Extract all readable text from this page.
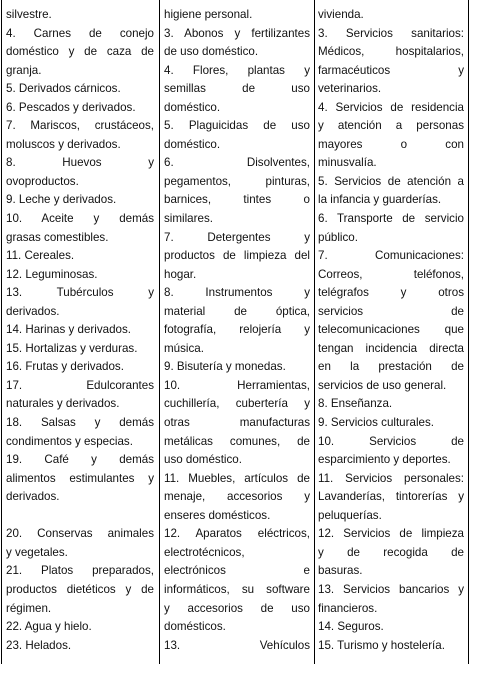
silvestre.
4. Carnes de conejo
doméstico y de caza de
granja.
5. Derivados cárnicos.
6. Pescados y derivados.
7. Mariscos, crustáceos,
moluscos y derivados.
8. Huevos y
ovoproductos.
9. Leche y derivados.
10. Aceite y demás
grasas comestibles.
11. Cereales.
12. Leguminosas.
13. Tubérculos y
derivados.
14. Harinas y derivados.
15. Hortalizas y verduras.
16. Frutas y derivados.
17. Edulcorantes
naturales y derivados.
18. Salsas y demás
condimentos y especias.
19. Café y demás
alimentos estimulantes y
derivados.
20. Conservas animales
y vegetales.
21. Platos preparados,
productos dietéticos y de
régimen.
22. Agua y hielo.
23. Helados.
higiene personal.
3. Abonos y fertilizantes
de uso doméstico.
4. Flores, plantas y
semillas de uso
doméstico.
5. Plaguicidas de uso
doméstico.
6. Disolventes,
pegamentos, pinturas,
barnices, tintes o
similares.
7. Detergentes y
productos de limpieza del
hogar.
8. Instrumentos y
material de óptica,
fotografía, relojería y
música.
9. Bisutería y monedas.
10. Herramientas,
cuchillería, cubertería y
otras manufacturas
metálicas comunes, de
uso doméstico.
11. Muebles, artículos de
menaje, accesorios y
enseres domésticos.
12. Aparatos eléctricos,
electrotécnicos,
electrónicos e
informáticos, su software
y accesorios de uso
domésticos.
13. Vehículos
vivienda.
3. Servicios sanitarios:
Médicos, hospitalarios,
farmacéuticos y
veterinarios.
4. Servicios de residencia
y atención a personas
mayores o con
minusvalía.
5. Servicios de atención a
la infancia y guarderías.
6. Transporte de servicio
público.
7. Comunicaciones:
Correos, teléfonos,
telégrafos y otros
servicios de
telecomunicaciones que
tengan incidencia directa
en la prestación de
servicios de uso general.
8. Enseñanza.
9. Servicios culturales.
10. Servicios de
esparcimiento y deportes.
11. Servicios personales:
Lavanderías, tintorerías y
peluquerías.
12. Servicios de limpieza
y de recogida de
basuras.
13. Servicios bancarios y
financieros.
14. Seguros.
15. Turismo y hostelería.
